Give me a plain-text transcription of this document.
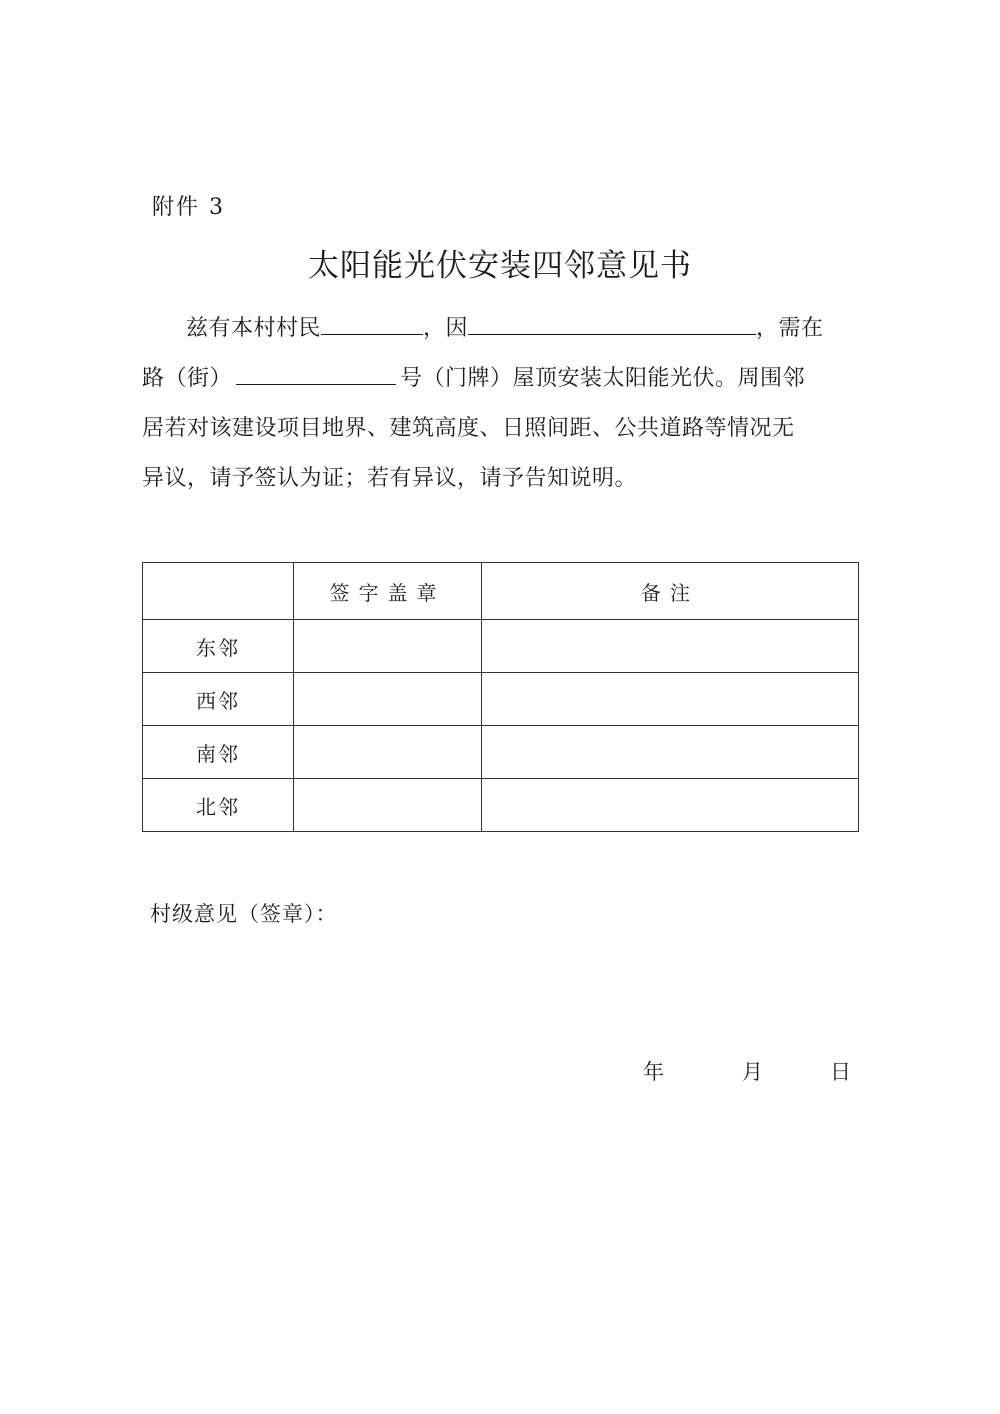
附件 3
太阳能光伏安装四邻意见书
兹有本村村民	，因	，需在
路（街）	号（门牌）屋顶安装太阳能光伏。周围邻
居若对该建设项目地界、建筑高度、日照间距、公共道路等情况无
异议，请予签认为证；若有异议，请予告知说明。
	签字盖章	备注
东邻		
西邻		
南邻		
北邻		
村级意见（签章）：
年	月	日
